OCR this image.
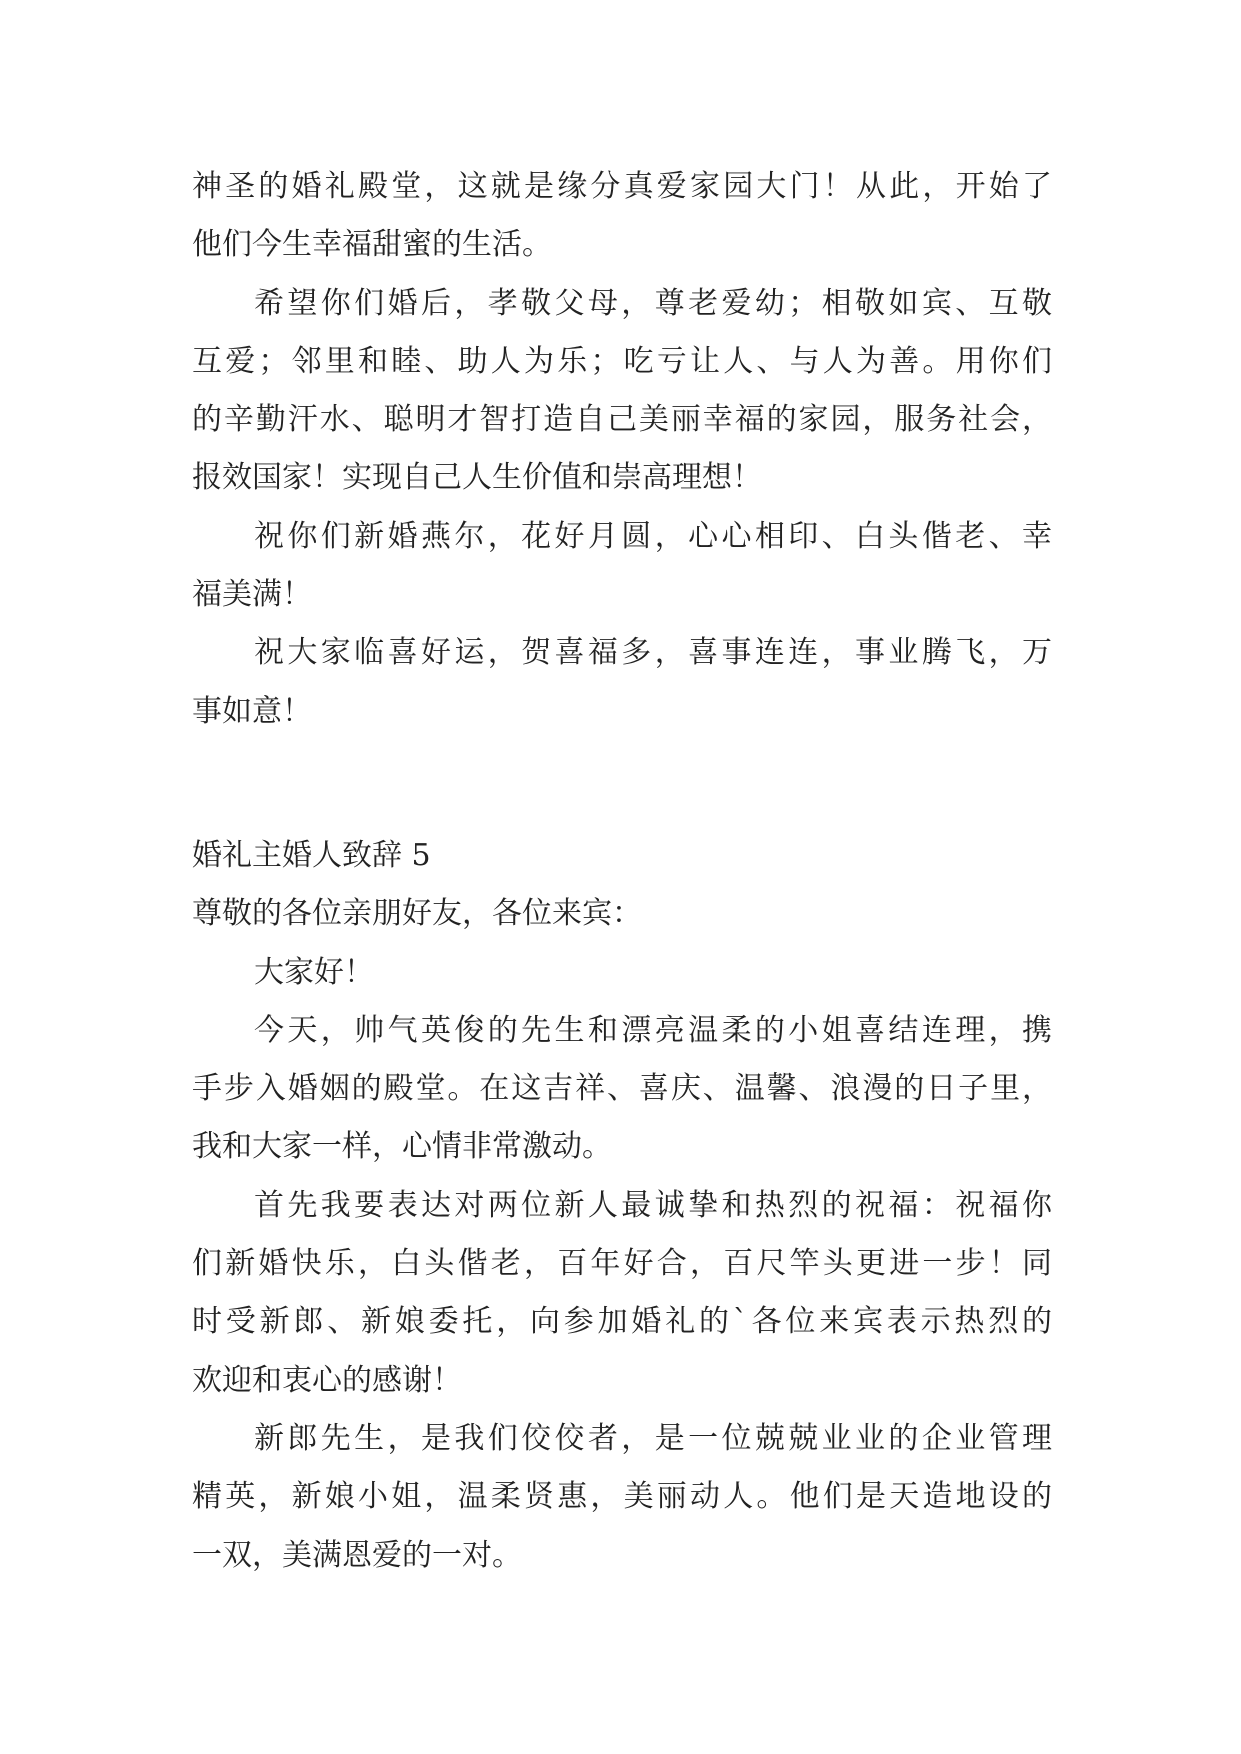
神圣的婚礼殿堂，这就是缘分真爱家园大门！从此，开始了
他们今生幸福甜蜜的生活。
希望你们婚后，孝敬父母，尊老爱幼；相敬如宾、互敬
互爱；邻里和睦、助人为乐；吃亏让人、与人为善。用你们
的辛勤汗水、聪明才智打造自己美丽幸福的家园，服务社会，
报效国家！实现自己人生价值和崇高理想！
祝你们新婚燕尔，花好月圆，心心相印、白头偕老、幸
福美满！
祝大家临喜好运，贺喜福多，喜事连连，事业腾飞，万
事如意！
婚礼主婚人致辞 5
尊敬的各位亲朋好友，各位来宾：
大家好！
今天，帅气英俊的先生和漂亮温柔的小姐喜结连理，携
手步入婚姻的殿堂。在这吉祥、喜庆、温馨、浪漫的日子里，
我和大家一样，心情非常激动。
首先我要表达对两位新人最诚挚和热烈的祝福：祝福你
们新婚快乐，白头偕老，百年好合，百尺竿头更进一步！同
时受新郎、新娘委托，向参加婚礼的`各位来宾表示热烈的
欢迎和衷心的感谢！
新郎先生，是我们佼佼者，是一位兢兢业业的企业管理
精英，新娘小姐，温柔贤惠，美丽动人。他们是天造地设的
一双，美满恩爱的一对。
